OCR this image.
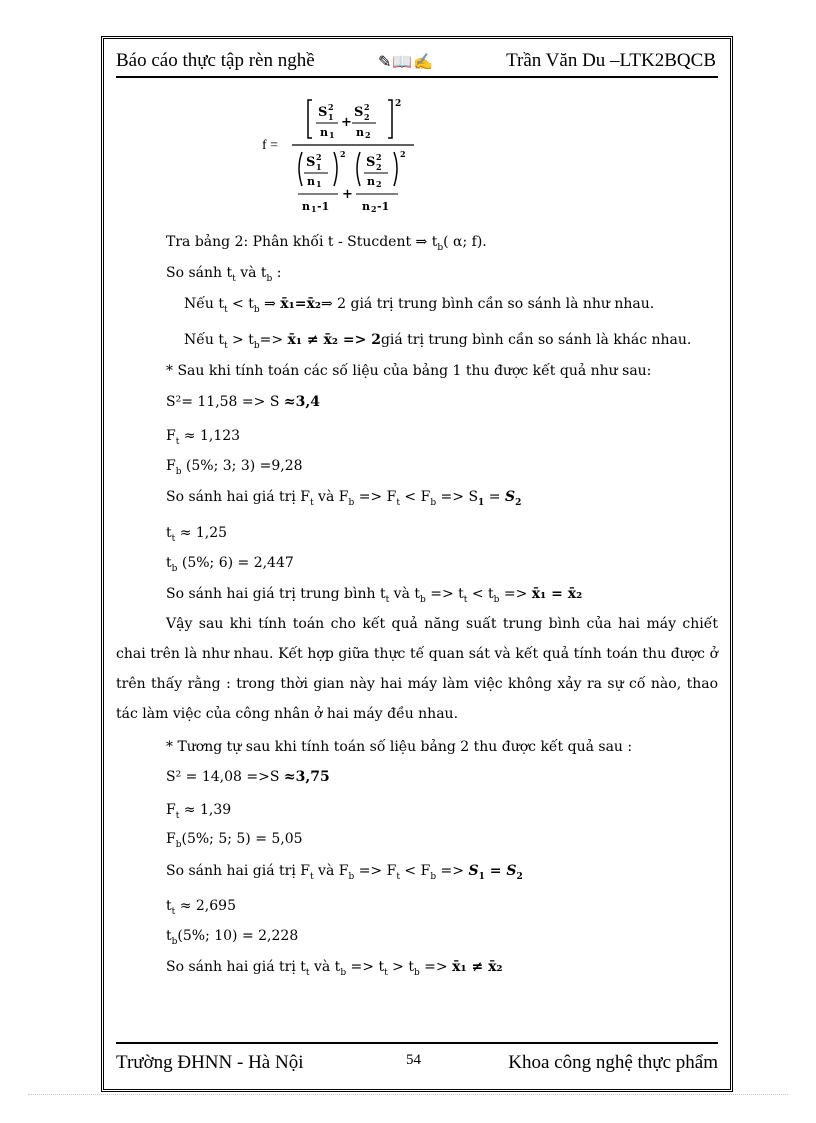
Báo cáo thực tập rèn nghề	✎📖✍	Trần Văn Du –LTK2BQCB
f =
2
S 2
1
n 1
+
S 2
2
n 2
2
S 2
1
n 1
n 1 -1
+
2
S 2
2
n 2
n 2 -1
Tra bảng 2: Phân khối t - Stucdent ⇒ $t_b$( α; f).
So sánh $t_t$ và $t_b$ :
Nếu $t_t < t_b$ ⇒ x̄₁=x̄₂⇒ 2 giá trị trung bình cần so sánh là như nhau.
Nếu $t_t > t_b=>$ x̄₁ ≠ x̄₂ => 2giá trị trung bình cần so sánh là khác nhau.
* Sau khi tính toán các số liệu của bảng 1 thu được kết quả như sau:
S²= 11,58 => S ≈3,4
$F_t \approx 1,123$
$F_b$ (5%; 3; 3) =9,28
So sánh hai giá trị $F_t$ và $F_b => F_t < F_b => S_1 = S_2$
$t_t \approx 1,25$
$t_b$ (5%; 6) = 2,447
So sánh hai giá trị trung bình $t_t$ và $t_b => t_t < t_b$ => x̄₁ = x̄₂
Vậy sau khi tính toán cho kết quả năng suất trung bình của hai máy chiết chai trên là như nhau. Kết hợp giữa thực tế quan sát và kết quả tính toán thu được ở trên thấy rằng : trong thời gian này hai máy làm việc không xảy ra sự cố nào, thao tác làm việc của công nhân ở hai máy đều nhau.
* Tương tự sau khi tính toán số liệu bảng 2 thu được kết quả sau :
S² = 14,08 =>S ≈3,75
$F_t \approx 1,39$
$F_b(5\%$; 5; 5) = 5,05
So sánh hai giá trị $F_t$ và $F_b => F_t < F_b => S_1 = S_2$
$t_t \approx 2,695$
$t_b(5\%$; 10) = 2,228
So sánh hai giá trị $t_t$ và $t_b => t_t > t_b$ => x̄₁ ≠ x̄₂
Trường ĐHNN - Hà Nội	54	Khoa công nghệ thực phẩm
